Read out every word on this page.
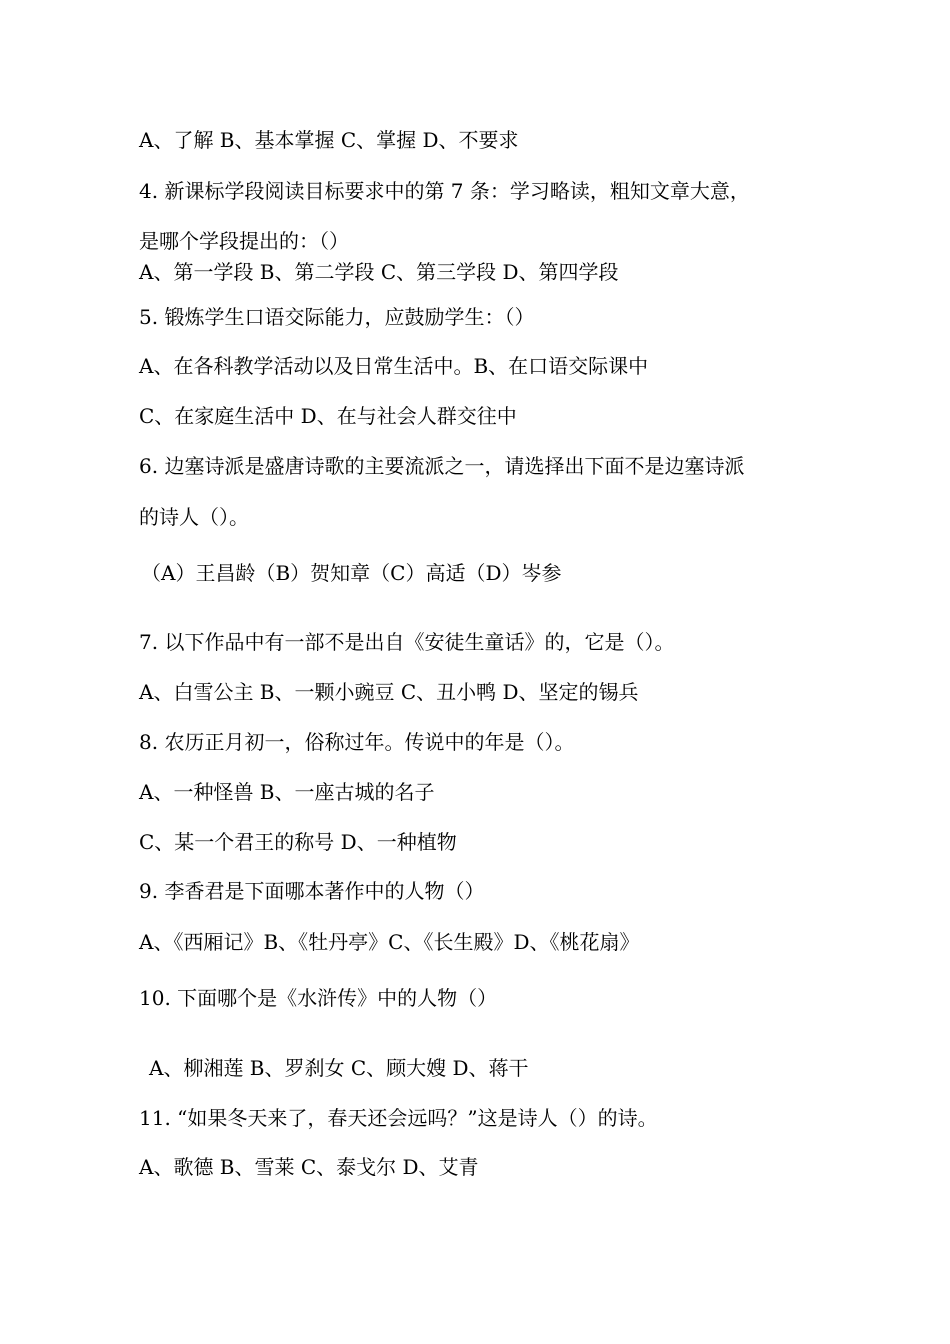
A、了解 B、基本掌握 C、掌握 D、不要求
4. 新课标学段阅读目标要求中的第 7 条：学习略读，粗知文章大意，
是哪个学段提出的：（）
A、第一学段 B、第二学段 C、第三学段 D、第四学段
5. 锻炼学生口语交际能力，应鼓励学生：（）
A、在各科教学活动以及日常生活中。B、在口语交际课中
C、在家庭生活中 D、在与社会人群交往中
6. 边塞诗派是盛唐诗歌的主要流派之一，请选择出下面不是边塞诗派
的诗人（）。
（A）王昌龄（B）贺知章（C）高适（D）岑参
7. 以下作品中有一部不是出自《安徒生童话》的，它是（）。
A、白雪公主 B、一颗小豌豆 C、丑小鸭 D、坚定的锡兵
8. 农历正月初一，俗称过年。传说中的年是（）。
A、一种怪兽 B、一座古城的名子
C、某一个君王的称号 D、一种植物
9. 李香君是下面哪本著作中的人物（）
A、《西厢记》B、《牡丹亭》C、《长生殿》D、《桃花扇》
10. 下面哪个是《水浒传》中的人物（）
A、柳湘莲 B、罗刹女 C、顾大嫂 D、蒋干
11. “如果冬天来了，春天还会远吗？”这是诗人（）的诗。
A、歌德 B、雪莱 C、泰戈尔 D、艾青
